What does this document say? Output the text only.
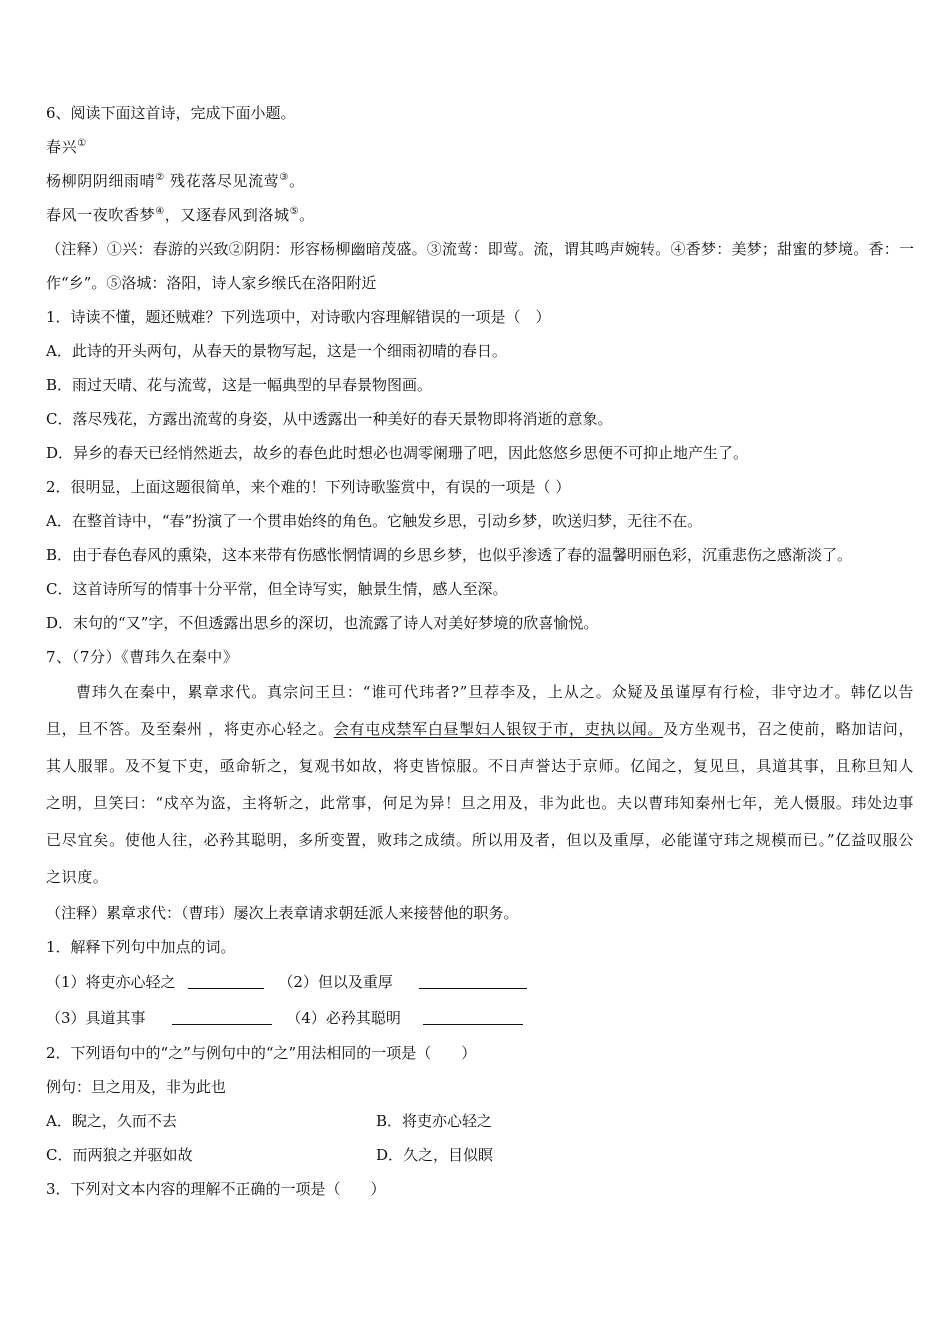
6、阅读下面这首诗，完成下面小题。
春兴①
杨柳阴阴细雨晴② 残花落尽见流莺③。
春风一夜吹香梦④，又逐春风到洛城⑤。
（注释）①兴：春游的兴致②阴阴：形容杨柳幽暗茂盛。③流莺：即莺。流，谓其鸣声婉转。④香梦：美梦；甜蜜的梦境。香：一作“乡”。⑤洛城：洛阳，诗人家乡缑氏在洛阳附近
1．诗读不懂，题还贼难？下列选项中，对诗歌内容理解错误的一项是（　）
A．此诗的开头两句，从春天的景物写起，这是一个细雨初晴的春日。
B．雨过天晴、花与流莺，这是一幅典型的早春景物图画。
C．落尽残花，方露出流莺的身姿，从中透露出一种美好的春天景物即将消逝的意象。
D．异乡的春天已经悄然逝去，故乡的春色此时想必也凋零阑珊了吧，因此悠悠乡思便不可抑止地产生了。
2．很明显，上面这题很简单，来个难的！下列诗歌鉴赏中，有误的一项是（ ）
A．在整首诗中，“春”扮演了一个贯串始终的角色。它触发乡思，引动乡梦，吹送归梦，无往不在。
B．由于春色春风的熏染，这本来带有伤感怅惘情调的乡思乡梦，也似乎渗透了春的温馨明丽色彩，沉重悲伤之感渐淡了。
C．这首诗所写的情事十分平常，但全诗写实，触景生情，感人至深。
D．末句的“又”字，不但透露出思乡的深切，也流露了诗人对美好梦境的欣喜愉悦。
7、（7分）《曹玮久在秦中》
曹玮久在秦中，累章求代。真宗问王旦：“谁可代玮者?”旦荐李及，上从之。众疑及虽谨厚有行检，非守边才。韩亿以告旦，旦不答。及至秦州 ，将吏亦心轻之。会有屯戍禁军白昼掣妇人银钗于市，吏执以闻。及方坐观书，召之使前，略加诘问，其人服罪。及不复下吏，亟命斩之，复观书如故，将吏皆惊服。不日声誉达于京师。亿闻之，复见旦，具道其事，且称旦知人之明，旦笑曰：“戍卒为盗，主将斩之，此常事，何足为异！旦之用及，非为此也。夫以曹玮知秦州七年，羌人慑服。玮处边事已尽宜矣。使他人往，必矜其聪明，多所变置，败玮之成绩。所以用及者，但以及重厚，必能谨守玮之规模而已。”亿益叹服公之识度。
（注释）累章求代：（曹玮）屡次上表章请求朝廷派人来接替他的职务。
1．解释下列句中加点的词。
（1）将吏亦心轻之	（2）但以及重厚
（3）具道其事	（4）必矜其聪明
2．下列语句中的“之”与例句中的“之”用法相同的一项是（　　）
例句：旦之用及，非为此也
A．睨之，久而不去	B．将吏亦心轻之
C．而两狼之并驱如故	D．久之，目似瞑
3．下列对文本内容的理解不正确的一项是（　　）
